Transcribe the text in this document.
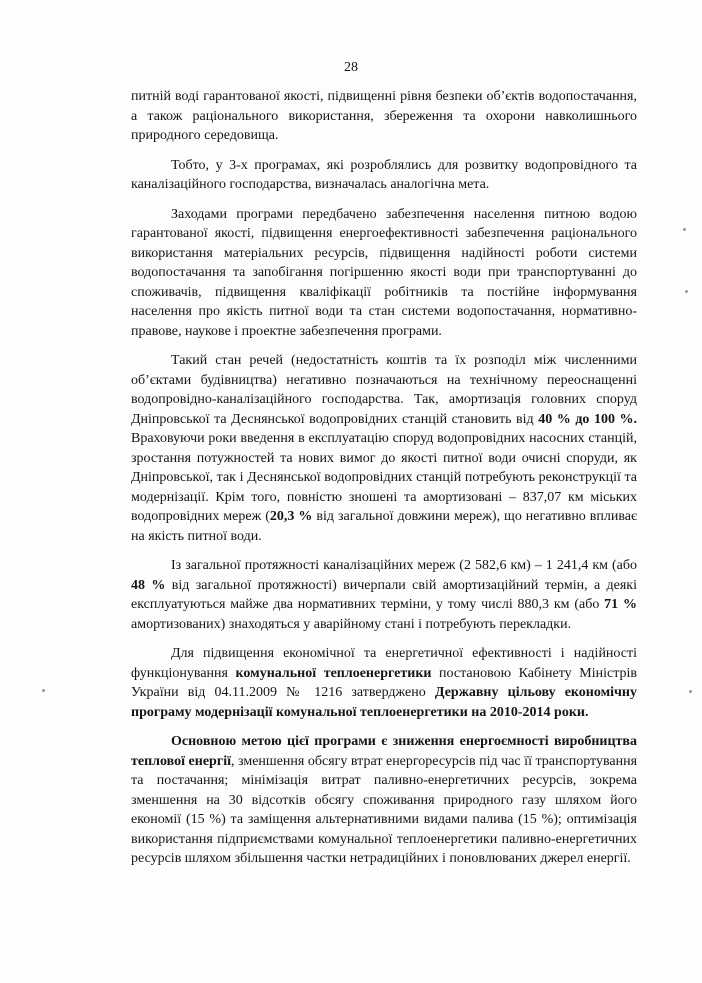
28

питній воді гарантованої якості, підвищенні рівня безпеки об’єктів водопостачання, а також раціонального використання, збереження та охорони навколишнього природного середовища.

Тобто, у 3-х програмах, які розроблялись для розвитку водопровідного та каналізаційного господарства, визначалась аналогічна мета.

Заходами програми передбачено забезпечення населення питною водою гарантованої якості, підвищення енергоефективності забезпечення раціонального використання матеріальних ресурсів, підвищення надійності роботи системи водопостачання та запобігання погіршенню якості води при транспортуванні до споживачів, підвищення кваліфікації робітників та постійне інформування населення про якість питної води та стан системи водопостачання, нормативно-правове, наукове і проектне забезпечення програми.

Такий стан речей (недостатність коштів та їх розподіл між численними об’єктами будівництва) негативно позначаються на технічному переоснащенні водопровідно-каналізаційного господарства. Так, амортизація головних споруд Дніпровської та Деснянської водопровідних станцій становить від 40 % до 100 %. Враховуючи роки введення в експлуатацію споруд водопровідних насосних станцій, зростання потужностей та нових вимог до якості питної води очисні споруди, як Дніпровської, так і Деснянської водопровідних станцій потребують реконструкції та модернізації. Крім того, повністю зношені та амортизовані – 837,07 км міських водопровідних мереж (20,3 % від загальної довжини мереж), що негативно впливає на якість питної води.

Із загальної протяжності каналізаційних мереж (2 582,6 км) – 1 241,4 км (або 48 % від загальної протяжності) вичерпали свій амортизаційний термін, а деякі експлуатуються майже два нормативних терміни, у тому числі 880,3 км (або 71 % амортизованих) знаходяться у аварійному стані і потребують перекладки.

Для підвищення економічної та енергетичної ефективності і надійності функціонування комунальної теплоенергетики постановою Кабінету Міністрів України від 04.11.2009 № 1216 затверджено Державну цільову економічну програму модернізації комунальної теплоенергетики на 2010-2014 роки.

Основною метою цієї програми є зниження енергоємності виробництва теплової енергії, зменшення обсягу втрат енергоресурсів під час її транспортування та постачання; мінімізація витрат паливно-енергетичних ресурсів, зокрема зменшення на 30 відсотків обсягу споживання природного газу шляхом його економії (15 %) та заміщення альтернативними видами палива (15 %); оптимізація використання підприємствами комунальної теплоенергетики паливно-енергетичних ресурсів шляхом збільшення частки нетрадиційних і поновлюваних джерел енергії.
